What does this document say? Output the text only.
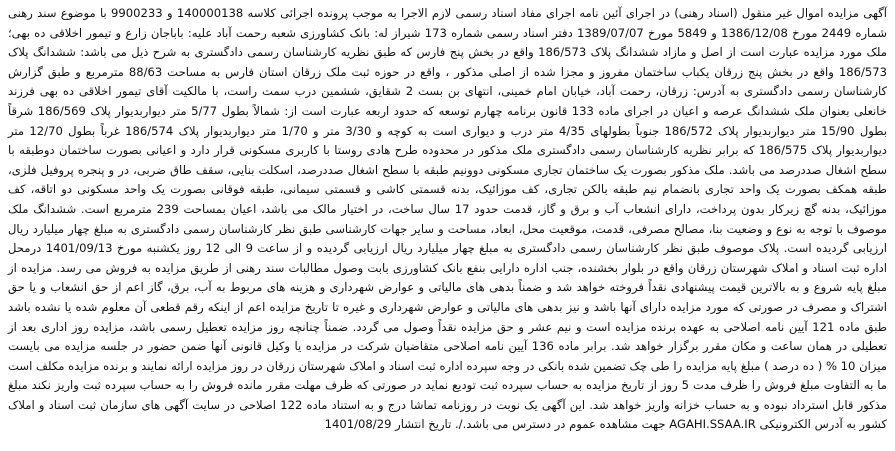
آگهی مزایده اموال غیر منقول (اسناد رهنی) در اجرای آئین نامه اجرای مفاد اسناد رسمی لازم الاجرا به موجب پرونده اجرائی کلاسه 140000138 و 9900233 با موضوع سند رهنی شماره 2449 مورخ 1386/12/08 و 5849 مورخ 1389/07/07 دفتر اسناد رسمی شماره 173 شیراز له: بانک کشاورزی شعبه رحمت آباد علیه: باباجان زارع و تیمور اخلاقی ده بهی؛ ملک مورد مزایده عبارت است از اصل و مازاد ششدانگ پلاک 186/573 واقع در بخش پنج فارس که طبق نظریه کارشناسان رسمی دادگستری به شرح ذیل می باشد: ششدانگ پلاک 186/573 واقع در بخش پنج زرقان یکباب ساختمان مفروز و مجزا شده از اصلی مذکور ، واقع در حوزه ثبت ملک زرقان استان فارس به مساحت 88/63 مترمربع و طبق گزارش کارشناسان رسمی دادگستری به آدرس: زرقان، رحمت آباد، خیابان امام خمینی، انتهای بن بست 2 شقایق، ششمین درب سمت راست، با مالکیت آقای تیمور اخلاقی ده بهی فرزند خانعلی بعنوان ملک ششدانگ عرصه و اعیان در اجرای ماده 133 قانون برنامه چهارم توسعه که حدود اربعه عبارت است از: شمالاً بطول 5/77 متر دیواربدیوار پلاک 186/569 شرقاً بطول 15/90 متر دیواربدیوار پلاک 186/572 جنوباً بطولهای 4/35 متر درب و دیواری است به کوچه و 3/30 متر و 1/70 متر دیواربدیوار پلاک 186/574 غرباً بطول 12/70 متر دیواربدیوار پلاک 186/575 که برابر نظریه کارشناسان رسمی دادگستری ملک مذکور در محدوده طرح هادی روستا با کاربری مسکونی قرار دارد و اعیانی بصورت ساختمان دوطبقه با سطح اشغال صددرصد می باشد. ملک مذکور بصورت یک ساختمان تجاری مسکونی دوونیم طبقه با سطح اشغال صددرصد، اسکلت بنایی، سقف طاق ضربی، در و پنجره پروفیل فلزی، طبقه همکف بصورت یک واحد تجاری بانضمام نیم طبقه بالکن تجاری، کف موزائیک، بدنه قسمتی کاشی و قسمتی سیمانی، طبقه فوقانی بصورت یک واحد مسکونی دو اتاقه، کف موزائیک، بدنه گچ زیرکار بدون پرداخت، دارای انشعاب آب و برق و گاز، قدمت حدود 17 سال ساخت، در اختیار مالک می باشد، اعیان بمساحت 239 مترمربع است. ششدانگ ملک موصوف با توجه به نوع و وضعیت بنا، مصالح مصرفی، قدمت، موقعیت محل، ابعاد، مساحت و سایر جهات کارشناسی طبق نظر کارشناسان رسمی دادگستری به مبلغ چهار میلیارد ریال ارزیابی گردیده است. پلاک موصوف طبق نظر کارشناسان رسمی دادگستری به مبلغ چهار میلیارد ریال ارزیابی گردیده و از ساعت 9 الی 12 روز یکشنبه مورخ 1401/09/13 درمحل اداره ثبت اسناد و املاک شهرستان زرقان واقع در بلوار بخشنده، جنب اداره دارایی بنفع بانک کشاورزی بابت وصول مطالبات سند رهنی از طریق مزایده به فروش می رسد. مزایده از مبلغ پایه شروع و به بالاترین قیمت پیشنهادی نقداً فروخته خواهد شد و ضمناً بدهی های مالیاتی و عوارض شهرداری و هزینه های مربوط به آب، برق، گاز اعم از حق انشعاب و یا حق اشتراک و مصرف در صورتی که مورد مزایده دارای آنها باشد و نیز بدهی های مالیاتی و عوارض شهرداری و غیره تا تاریخ مزایده اعم از اینکه رقم قطعی آن معلوم شده یا نشده باشد طبق ماده 121 آیین نامه اصلاحی به عهده برنده مزایده است و نیم عشر و حق مزایده نقداً وصول می گردد. ضمناً چنانچه روز مزایده تعطیل رسمی باشد، مزایده روز اداری بعد از تعطیلی در همان ساعت و مکان مقرر برگزار خواهد شد. برابر ماده 136 آیین نامه اصلاحی متقاضیان شرکت در مزایده یا وکیل قانونی آنها ضمن حضور در جلسه مزایده می بایست میزان 10 % ( ده درصد ) مبلغ پایه مزایده را طی چک تضمین شده بانکی در وجه سپرده اداره ثبت اسناد و املاک شهرستان زرقان در روز مزایده ارائه نمایند و برنده مزایده مکلف است ما به التفاوت مبلغ فروش را ظرف مدت 5 روز از تاریخ مزایده به حساب سپرده ثبت تودیع نماید در صورتی که ظرف مهلت مقرر مانده فروش را به حساب سپرده ثبت واریز نکند مبلغ مذکور قابل استرداد نبوده و به حساب خزانه واریز خواهد شد. این آگهی یک نوبت در روزنامه تماشا درج و به استناد ماده 122 اصلاحی در سایت آگهی های سازمان ثبت اسناد و املاک کشور به آدرس الکترونیکی AGAHI.SSAA.IR جهت مشاهده عموم در دسترس می باشد./. تاریخ انتشار 1401/08/29
